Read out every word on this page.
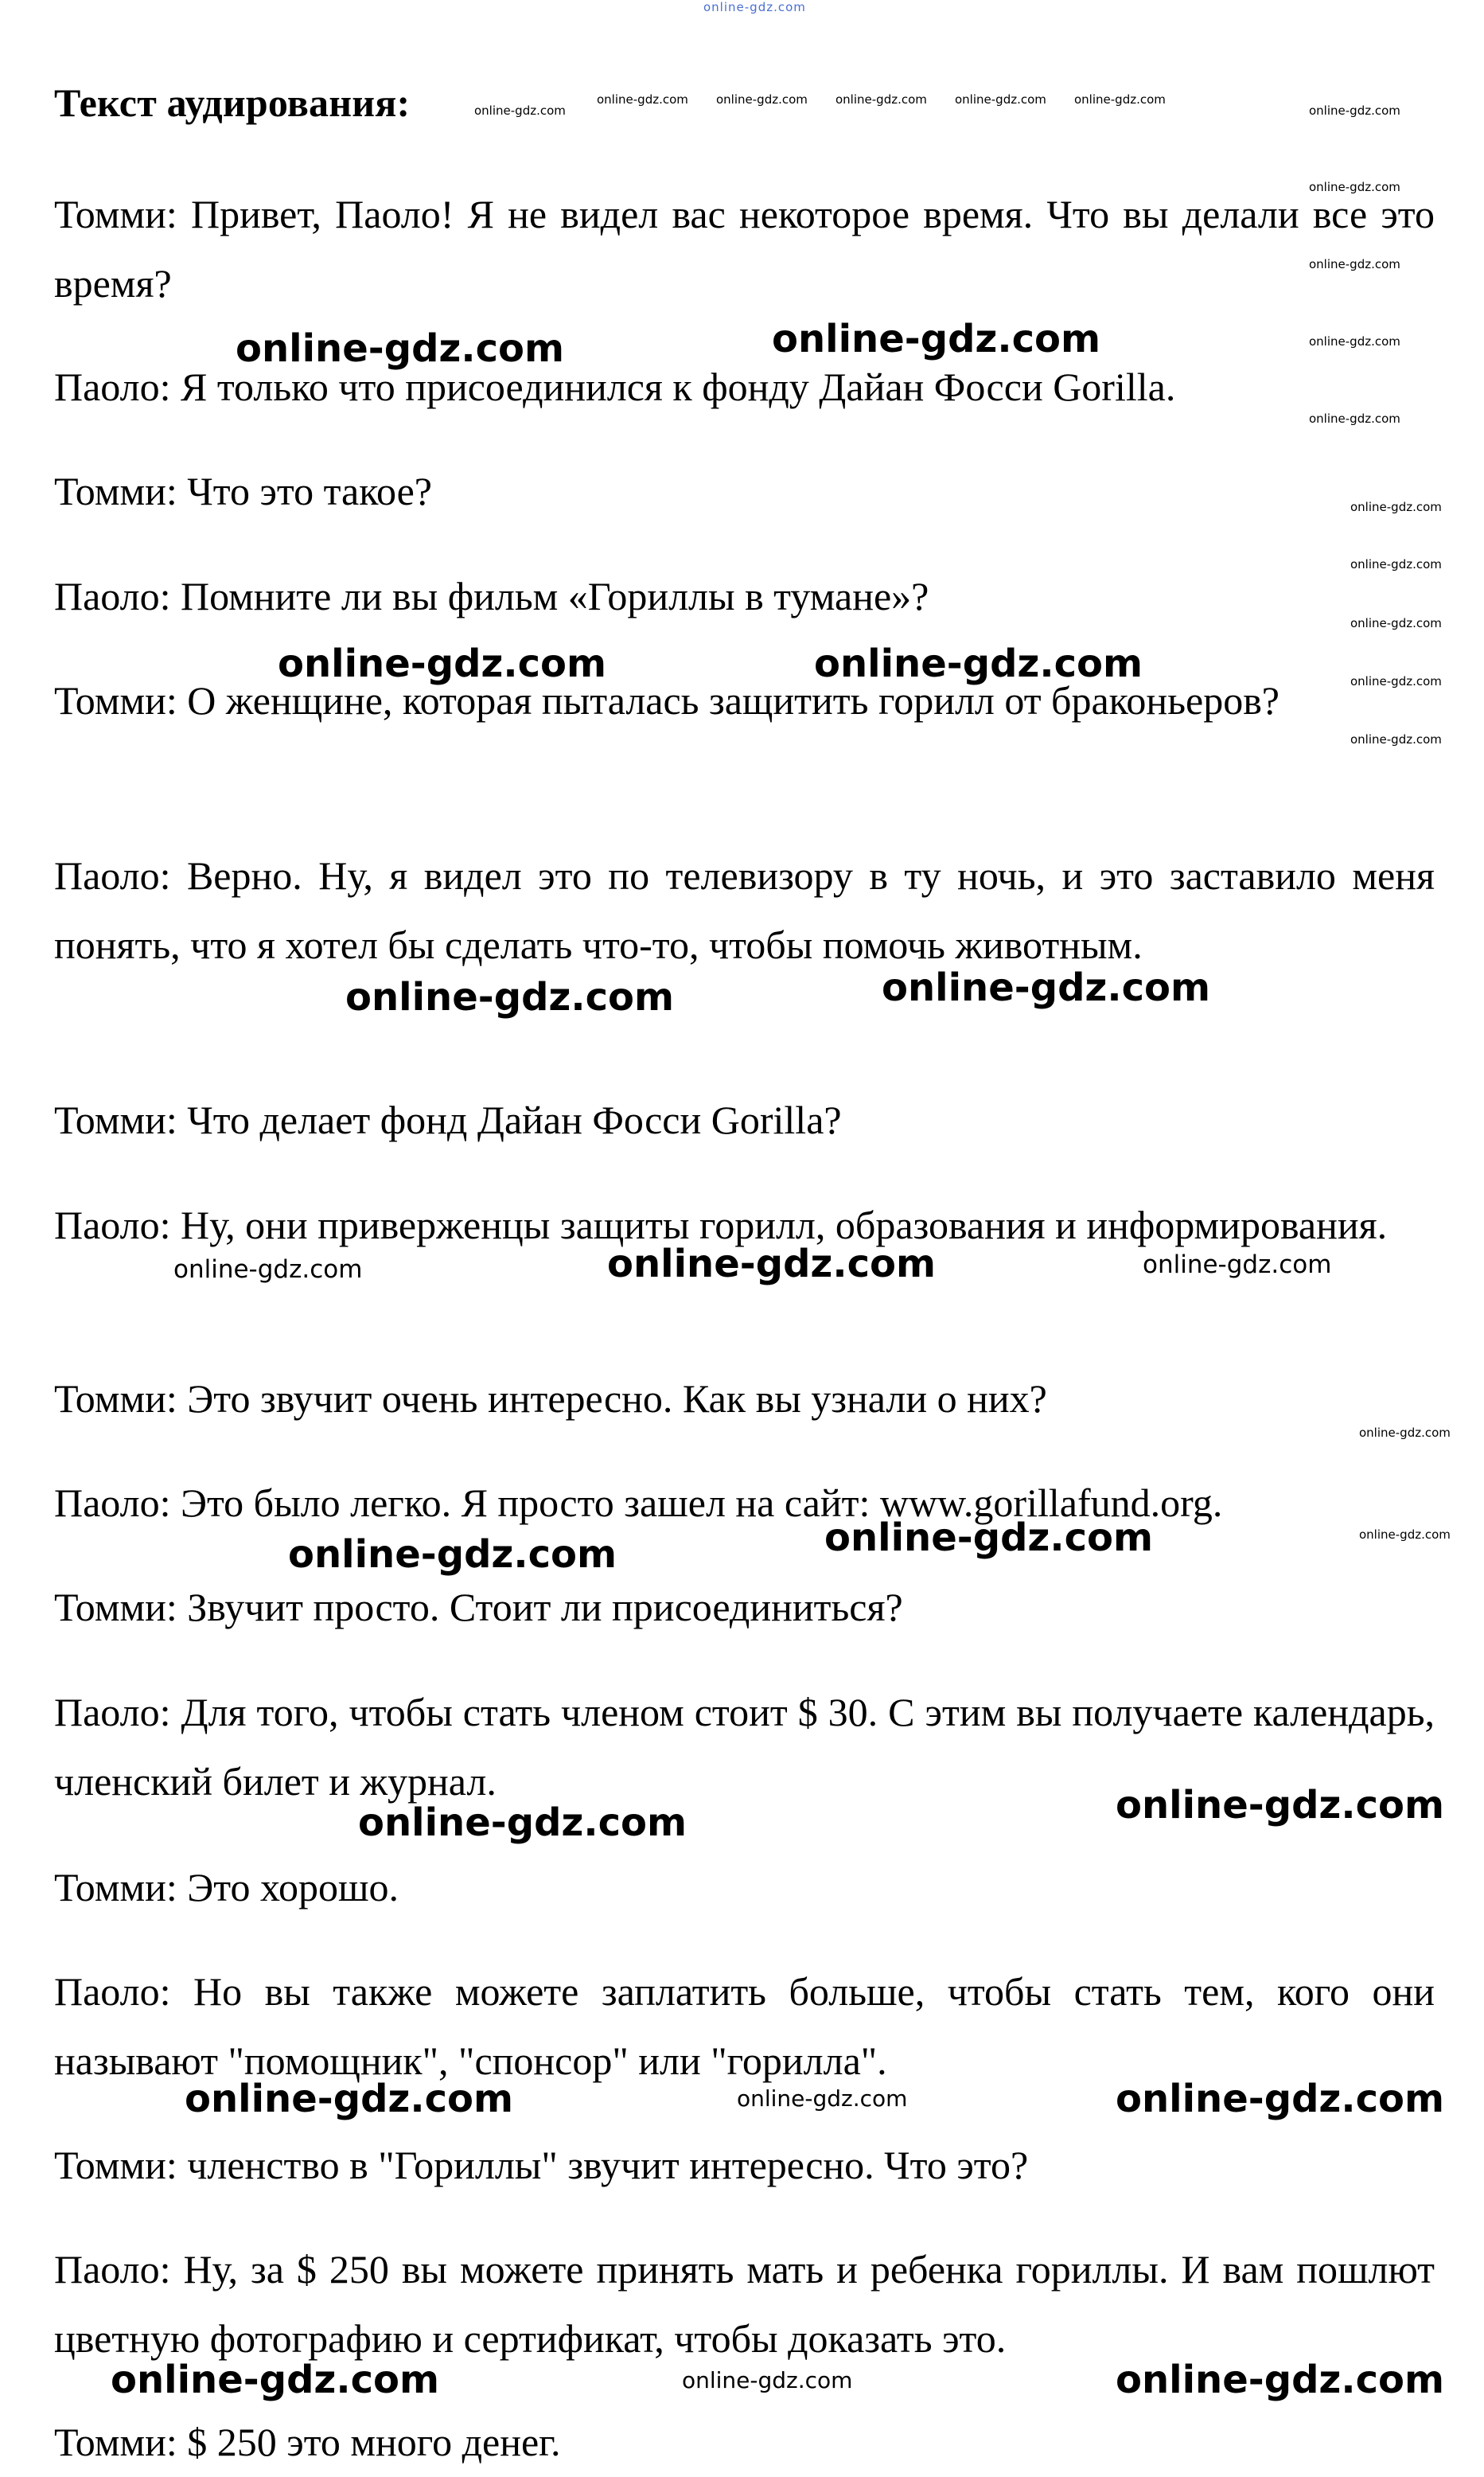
online-gdz.com
Текст аудирования:	online-gdz.com
online-gdz.com online-gdz.com online-gdz.com online-gdz.com online-gdz.com
online-gdz.com
online-gdz.com

Томми: Привет, Паоло! Я не видел вас некоторое время. Что вы делали все это время?

Паоло: Я только что присоединился к фонду Дайан Фосси Gorilla.

Томми: Что это такое?

Паоло: Помните ли вы фильм «Гориллы в тумане»?

Томми: О женщине, которая пыталась защитить горилл от браконьеров?

Паоло: Верно. Ну, я видел это по телевизору в ту ночь, и это заставило меня понять, что я хотел бы сделать что-то, чтобы помочь животным.

Томми: Что делает фонд Дайан Фосси Gorilla?

Паоло: Ну, они приверженцы защиты горилл, образования и информирования.

Томми: Это звучит очень интересно. Как вы узнали о них?

Паоло: Это было легко. Я просто зашел на сайт: www.gorillafund.org.

Томми: Звучит просто. Стоит ли присоединиться?

Паоло: Для того, чтобы стать членом стоит $ 30. С этим вы получаете календарь, членский билет и журнал.

Томми: Это хорошо.

Паоло: Но вы также можете заплатить больше, чтобы стать тем, кого они называют "помощник", "спонсор" или "горилла".

Томми: членство в "Гориллы" звучит интересно. Что это?

Паоло: Ну, за $ 250 вы можете принять мать и ребенка гориллы. И вам пошлют цветную фотографию и сертификат, чтобы доказать это.

Томми: $ 250 это много денег.

online-gdz.com
online-gdz.com
online-gdz.com
online-gdz.com
online-gdz.com
online-gdz.com
online-gdz.com
online-gdz.com
online-gdz.com
online-gdz.com
online-gdz.com	online-gdz.com
online-gdz.com	online-gdz.com
online-gdz.com	online-gdz.com
online-gdz.com	online-gdz.com	online-gdz.com
online-gdz.com	online-gdz.com
online-gdz.com	online-gdz.com
online-gdz.com	online-gdz.com	online-gdz.com
online-gdz.com	online-gdz.com	online-gdz.com
